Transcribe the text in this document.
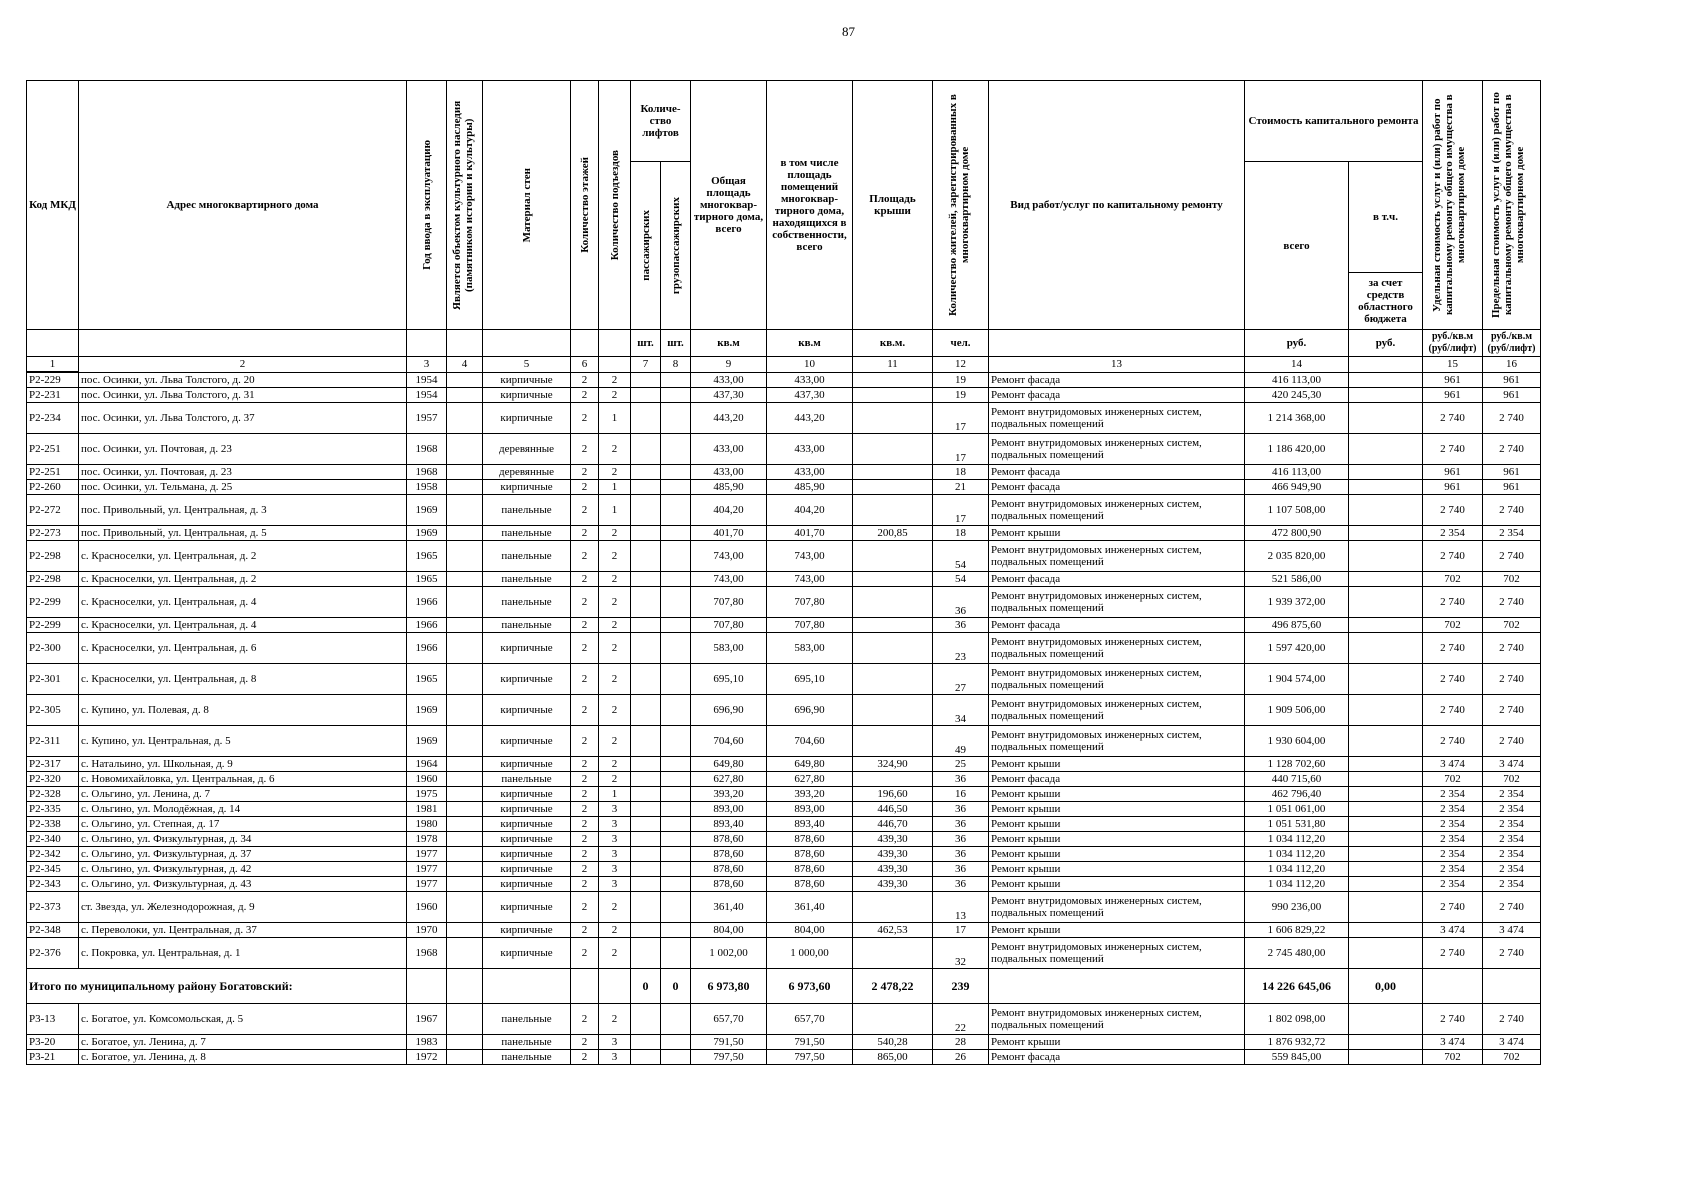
87
Код МКД	Адрес многоквартирного дома	Год ввода в эксплуатацию	Является объектом культурного наследия (памятником истории и культуры)	Материал стен	Количество этажей	Количество подъездов	Количе-ство лифтов		Общая площадь многоквар-тирного дома, всего	в том числе площадь помещений многоквар-тирного дома, находящихся в собственности, всего	Площадь крыши	Количество жителей, зарегистрированных в многоквартирном доме	Вид работ/услуг по капитальному ремонту	Стоимость капитального ремонта		Удельная стоимость услуг и (или) работ по капитальному ремонту общего имущества в многоквартирном доме	Предельная стоимость услуг и (или) работ по капитальному ремонту общего имущества в многоквартирном доме

							пассажирских	грузопассажирских						всего	в т.ч.		
															за счет средств областного бюджета		
							шт.	шт.	кв.м	кв.м	кв.м.	чел.		руб.	руб.	руб./кв.м (руб/лифт)	руб./кв.м (руб/лифт)
1	2	3	4	5	6		7	8	9	10	11	12	13	14		15	16
Р2-229	пос. Осинки, ул. Льва Толстого, д. 20	1954		кирпичные	2	2			433,00	433,00		19	Ремонт фасада	416 113,00		961	961
Р2-231	пос. Осинки, ул. Льва Толстого, д. 31	1954		кирпичные	2	2			437,30	437,30		19	Ремонт фасада	420 245,30		961	961
Р2-234	пос. Осинки, ул. Льва Толстого, д. 37	1957		кирпичные	2	1			443,20	443,20		17	Ремонт внутридомовых инженерных систем, подвальных помещений	1 214 368,00		2 740	2 740
Р2-251	пос. Осинки, ул. Почтовая, д. 23	1968		деревянные	2	2			433,00	433,00		17	Ремонт внутридомовых инженерных систем, подвальных помещений	1 186 420,00		2 740	2 740
Р2-251	пос. Осинки, ул. Почтовая, д. 23	1968		деревянные	2	2			433,00	433,00		18	Ремонт фасада	416 113,00		961	961
Р2-260	пос. Осинки, ул. Тельмана, д. 25	1958		кирпичные	2	1			485,90	485,90		21	Ремонт фасада	466 949,90		961	961
Р2-272	пос. Привольный, ул. Центральная, д. 3	1969		панельные	2	1			404,20	404,20		17	Ремонт внутридомовых инженерных систем, подвальных помещений	1 107 508,00		2 740	2 740
Р2-273	пос. Привольный, ул. Центральная, д. 5	1969		панельные	2	2			401,70	401,70	200,85	18	Ремонт крыши	472 800,90		2 354	2 354
Р2-298	с. Красноселки, ул. Центральная, д. 2	1965		панельные	2	2			743,00	743,00		54	Ремонт внутридомовых инженерных систем, подвальных помещений	2 035 820,00		2 740	2 740
Р2-298	с. Красноселки, ул. Центральная, д. 2	1965		панельные	2	2			743,00	743,00		54	Ремонт фасада	521 586,00		702	702
Р2-299	с. Красноселки, ул. Центральная, д. 4	1966		панельные	2	2			707,80	707,80		36	Ремонт внутридомовых инженерных систем, подвальных помещений	1 939 372,00		2 740	2 740
Р2-299	с. Красноселки, ул. Центральная, д. 4	1966		панельные	2	2			707,80	707,80		36	Ремонт фасада	496 875,60		702	702
Р2-300	с. Красноселки, ул. Центральная, д. 6	1966		кирпичные	2	2			583,00	583,00		23	Ремонт внутридомовых инженерных систем, подвальных помещений	1 597 420,00		2 740	2 740
Р2-301	с. Красноселки, ул. Центральная, д. 8	1965		кирпичные	2	2			695,10	695,10		27	Ремонт внутридомовых инженерных систем, подвальных помещений	1 904 574,00		2 740	2 740
Р2-305	с. Купино, ул. Полевая, д. 8	1969		кирпичные	2	2			696,90	696,90		34	Ремонт внутридомовых инженерных систем, подвальных помещений	1 909 506,00		2 740	2 740
Р2-311	с. Купино, ул. Центральная, д. 5	1969		кирпичные	2	2			704,60	704,60		49	Ремонт внутридомовых инженерных систем, подвальных помещений	1 930 604,00		2 740	2 740
Р2-317	с. Натальино, ул. Школьная, д. 9	1964		кирпичные	2	2			649,80	649,80	324,90	25	Ремонт крыши	1 128 702,60		3 474	3 474
Р2-320	с. Новомихайловка, ул. Центральная, д. 6	1960		панельные	2	2			627,80	627,80		36	Ремонт фасада	440 715,60		702	702
Р2-328	с. Ольгино, ул. Ленина, д. 7	1975		кирпичные	2	1			393,20	393,20	196,60	16	Ремонт крыши	462 796,40		2 354	2 354
Р2-335	с. Ольгино, ул. Молодёжная, д. 14	1981		кирпичные	2	3			893,00	893,00	446,50	36	Ремонт крыши	1 051 061,00		2 354	2 354
Р2-338	с. Ольгино, ул. Степная, д. 17	1980		кирпичные	2	3			893,40	893,40	446,70	36	Ремонт крыши	1 051 531,80		2 354	2 354
Р2-340	с. Ольгино, ул. Физкультурная, д. 34	1978		кирпичные	2	3			878,60	878,60	439,30	36	Ремонт крыши	1 034 112,20		2 354	2 354
Р2-342	с. Ольгино, ул. Физкультурная, д. 37	1977		кирпичные	2	3			878,60	878,60	439,30	36	Ремонт крыши	1 034 112,20		2 354	2 354
Р2-345	с. Ольгино, ул. Физкультурная, д. 42	1977		кирпичные	2	3			878,60	878,60	439,30	36	Ремонт крыши	1 034 112,20		2 354	2 354
Р2-343	с. Ольгино, ул. Физкультурная, д. 43	1977		кирпичные	2	3			878,60	878,60	439,30	36	Ремонт крыши	1 034 112,20		2 354	2 354
Р2-373	ст. Звезда, ул. Железнодорожная, д. 9	1960		кирпичные	2	2			361,40	361,40		13	Ремонт внутридомовых инженерных систем, подвальных помещений	990 236,00		2 740	2 740
Р2-348	с. Переволоки, ул. Центральная, д. 37	1970		кирпичные	2	2			804,00	804,00	462,53	17	Ремонт крыши	1 606 829,22		3 474	3 474
Р2-376	с. Покровка, ул. Центральная, д. 1	1968		кирпичные	2	2			1 002,00	1 000,00		32	Ремонт внутридомовых инженерных систем, подвальных помещений	2 745 480,00		2 740	2 740
Итого по муниципальному району Богатовский:							0	0	6 973,80	6 973,60	2 478,22	239		14 226 645,06	0,00		
Р3-13	с. Богатое, ул. Комсомольская, д. 5	1967		панельные	2	2			657,70	657,70		22	Ремонт внутридомовых инженерных систем, подвальных помещений	1 802 098,00		2 740	2 740
Р3-20	с. Богатое, ул. Ленина, д. 7	1983		панельные	2	3			791,50	791,50	540,28	28	Ремонт крыши	1 876 932,72		3 474	3 474
Р3-21	с. Богатое, ул. Ленина, д. 8	1972		панельные	2	3			797,50	797,50	865,00	26	Ремонт фасада	559 845,00		702	702
